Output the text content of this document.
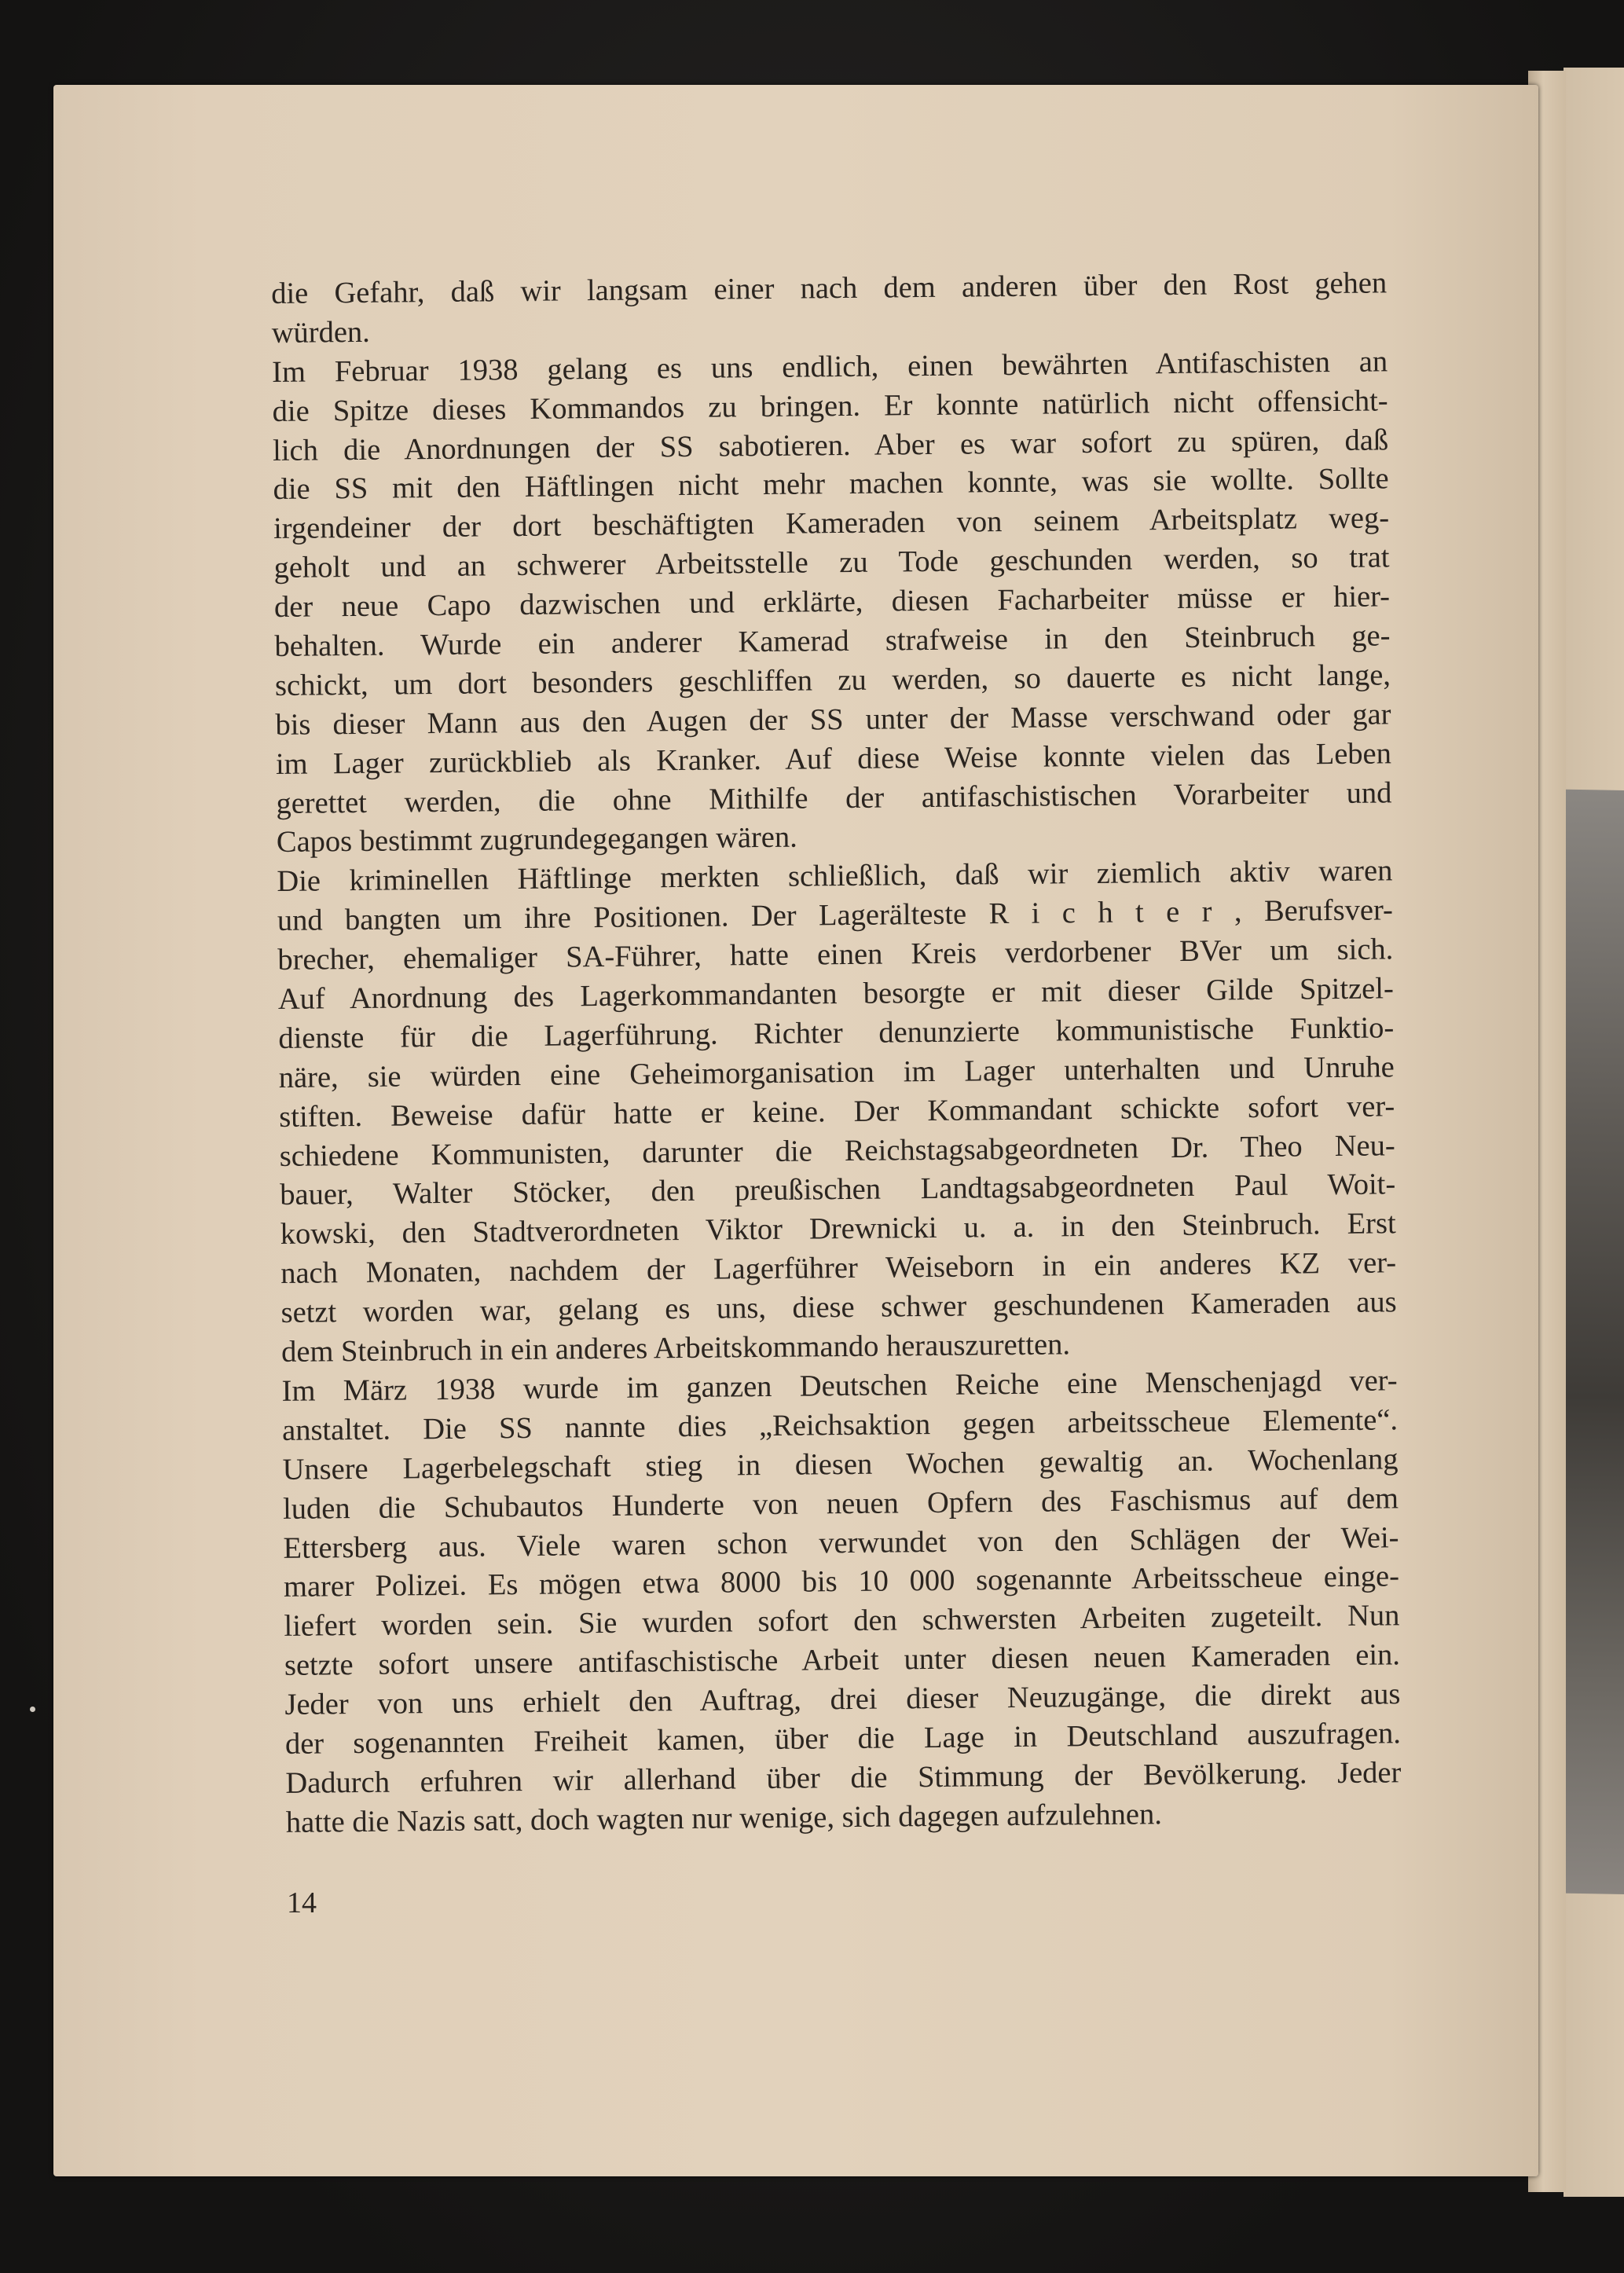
die Gefahr, daß wir langsam einer nach dem anderen über den Rost gehen
würden.
Im Februar 1938 gelang es uns endlich, einen bewährten Antifaschisten an
die Spitze dieses Kommandos zu bringen. Er konnte natürlich nicht offensicht-
lich die Anordnungen der SS sabotieren. Aber es war sofort zu spüren, daß
die SS mit den Häftlingen nicht mehr machen konnte, was sie wollte. Sollte
irgendeiner der dort beschäftigten Kameraden von seinem Arbeitsplatz weg-
geholt und an schwerer Arbeitsstelle zu Tode geschunden werden, so trat
der neue Capo dazwischen und erklärte, diesen Facharbeiter müsse er hier-
behalten. Wurde ein anderer Kamerad strafweise in den Steinbruch ge-
schickt, um dort besonders geschliffen zu werden, so dauerte es nicht lange,
bis dieser Mann aus den Augen der SS unter der Masse verschwand oder gar
im Lager zurückblieb als Kranker. Auf diese Weise konnte vielen das Leben
gerettet werden, die ohne Mithilfe der antifaschistischen Vorarbeiter und
Capos bestimmt zugrundegegangen wären.
Die kriminellen Häftlinge merkten schließlich, daß wir ziemlich aktiv waren
und bangten um ihre Positionen. Der Lagerälteste R i c h t e r , Berufsver-
brecher, ehemaliger SA-Führer, hatte einen Kreis verdorbener BVer um sich.
Auf Anordnung des Lagerkommandanten besorgte er mit dieser Gilde Spitzel-
dienste für die Lagerführung. Richter denunzierte kommunistische Funktio-
näre, sie würden eine Geheimorganisation im Lager unterhalten und Unruhe
stiften. Beweise dafür hatte er keine. Der Kommandant schickte sofort ver-
schiedene Kommunisten, darunter die Reichstagsabgeordneten Dr. Theo Neu-
bauer, Walter Stöcker, den preußischen Landtagsabgeordneten Paul Woit-
kowski, den Stadtverordneten Viktor Drewnicki u. a. in den Steinbruch. Erst
nach Monaten, nachdem der Lagerführer Weiseborn in ein anderes KZ ver-
setzt worden war, gelang es uns, diese schwer geschundenen Kameraden aus
dem Steinbruch in ein anderes Arbeitskommando herauszuretten.
Im März 1938 wurde im ganzen Deutschen Reiche eine Menschenjagd ver-
anstaltet. Die SS nannte dies „Reichsaktion gegen arbeitsscheue Elemente“.
Unsere Lagerbelegschaft stieg in diesen Wochen gewaltig an. Wochenlang
luden die Schubautos Hunderte von neuen Opfern des Faschismus auf dem
Ettersberg aus. Viele waren schon verwundet von den Schlägen der Wei-
marer Polizei. Es mögen etwa 8000 bis 10 000 sogenannte Arbeitsscheue einge-
liefert worden sein. Sie wurden sofort den schwersten Arbeiten zugeteilt. Nun
setzte sofort unsere antifaschistische Arbeit unter diesen neuen Kameraden ein.
Jeder von uns erhielt den Auftrag, drei dieser Neuzugänge, die direkt aus
der sogenannten Freiheit kamen, über die Lage in Deutschland auszufragen.
Dadurch erfuhren wir allerhand über die Stimmung der Bevölkerung. Jeder
hatte die Nazis satt, doch wagten nur wenige, sich dagegen aufzulehnen.
14
